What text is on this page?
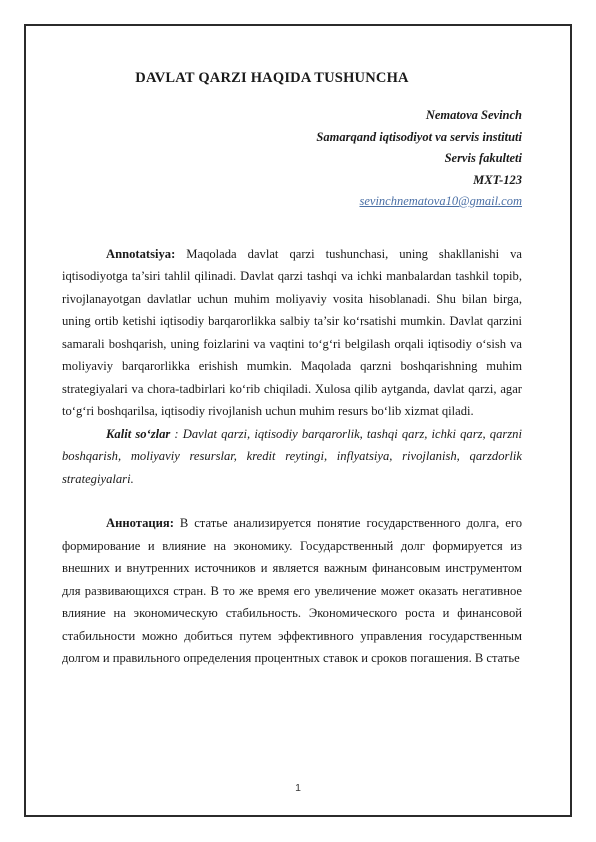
DAVLAT QARZI HAQIDA TUSHUNCHA
Nematova Sevinch
Samarqand iqtisodiyot va servis instituti
Servis fakulteti
MXT-123
sevinchnematova10@gmail.com

Annotatsiya: Maqolada davlat qarzi tushunchasi, uning shakllanishi va iqtisodiyotga ta’siri tahlil qilinadi. Davlat qarzi tashqi va ichki manbalardan tashkil topib, rivojlanayotgan davlatlar uchun muhim moliyaviy vosita hisoblanadi. Shu bilan birga, uning ortib ketishi iqtisodiy barqarorlikka salbiy ta’sir ko‘rsatishi mumkin. Davlat qarzini samarali boshqarish, uning foizlarini va vaqtini to‘g‘ri belgilash orqali iqtisodiy o‘sish va moliyaviy barqarorlikka erishish mumkin. Maqolada qarzni boshqarishning muhim strategiyalari va chora-tadbirlari ko‘rib chiqiladi. Xulosa qilib aytganda, davlat qarzi, agar to‘g‘ri boshqarilsa, iqtisodiy rivojlanish uchun muhim resurs bo‘lib xizmat qiladi.

Kalit so‘zlar : Davlat qarzi, iqtisodiy barqarorlik, tashqi qarz, ichki qarz, qarzni boshqarish, moliyaviy resurslar, kredit reytingi, inflyatsiya, rivojlanish, qarzdorlik strategiyalari.

Аннотация: В статье анализируется понятие государственного долга, его формирование и влияние на экономику. Государственный долг формируется из внешних и внутренних источников и является важным финансовым инструментом для развивающихся стран. В то же время его увеличение может оказать негативное влияние на экономическую стабильность. Экономического роста и финансовой стабильности можно добиться путем эффективного управления государственным долгом и правильного определения процентных ставок и сроков погашения. В статье

1
